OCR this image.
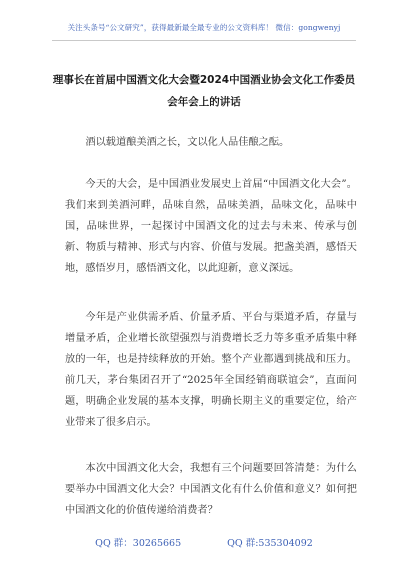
关注头条号“公文研究”，获得最新最全最专业的公文资料库！ 微信：gongwenyj
理事长在首届中国酒文化大会暨2024中国酒业协会文化工作委员会年会上的讲话

酒以载道酿美酒之长，文以化人品佳酿之酝。

今天的大会，是中国酒业发展史上首届“中国酒文化大会”。我们来到美酒河畔，品味自然，品味美酒，品味文化，品味中国，品味世界，一起探讨中国酒文化的过去与未来、传承与创新、物质与精神、形式与内容、价值与发展。把盏美酒，感悟天地，感悟岁月，感悟酒文化，以此迎新，意义深远。

今年是产业供需矛盾、价量矛盾、平台与渠道矛盾，存量与增量矛盾，企业增长欲望强烈与消费增长乏力等多重矛盾集中释放的一年，也是持续释放的开始。整个产业都遇到挑战和压力。前几天，茅台集团召开了“2025年全国经销商联谊会”，直面问题，明确企业发展的基本支撑，明确长期主义的重要定位，给产业带来了很多启示。

本次中国酒文化大会，我想有三个问题要回答清楚：为什么要举办中国酒文化大会？中国酒文化有什么价值和意义？如何把中国酒文化的价值传递给消费者？

QQ 群：30265665	QQ 群:535304092
